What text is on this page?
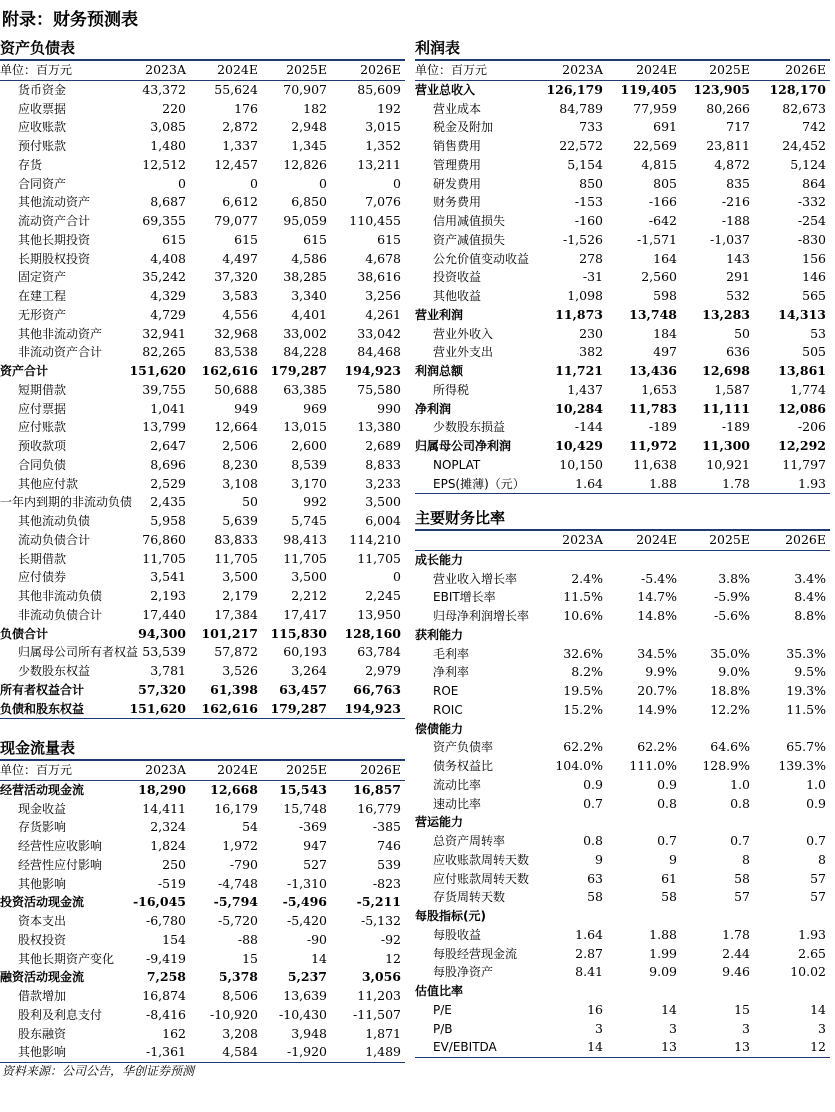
附录：财务预测表
资产负债表
单位：百万元	2023A	2024E	2025E	2026E
货币资金	43,372	55,624	70,907	85,609
应收票据	220	176	182	192
应收账款	3,085	2,872	2,948	3,015
预付账款	1,480	1,337	1,345	1,352
存货	12,512	12,457	12,826	13,211
合同资产	0	0	0	0
其他流动资产	8,687	6,612	6,850	7,076
流动资产合计	69,355	79,077	95,059	110,455
其他长期投资	615	615	615	615
长期股权投资	4,408	4,497	4,586	4,678
固定资产	35,242	37,320	38,285	38,616
在建工程	4,329	3,583	3,340	3,256
无形资产	4,729	4,556	4,401	4,261
其他非流动资产	32,941	32,968	33,002	33,042
非流动资产合计	82,265	83,538	84,228	84,468
资产合计	151,620	162,616	179,287	194,923
短期借款	39,755	50,688	63,385	75,580
应付票据	1,041	949	969	990
应付账款	13,799	12,664	13,015	13,380
预收款项	2,647	2,506	2,600	2,689
合同负债	8,696	8,230	8,539	8,833
其他应付款	2,529	3,108	3,170	3,233
一年内到期的非流动负债	2,435	50	992	3,500
其他流动负债	5,958	5,639	5,745	6,004
流动负债合计	76,860	83,833	98,413	114,210
长期借款	11,705	11,705	11,705	11,705
应付债券	3,541	3,500	3,500	0
其他非流动负债	2,193	2,179	2,212	2,245
非流动负债合计	17,440	17,384	17,417	13,950
负债合计	94,300	101,217	115,830	128,160
归属母公司所有者权益	53,539	57,872	60,193	63,784
少数股东权益	3,781	3,526	3,264	2,979
所有者权益合计	57,320	61,398	63,457	66,763
负债和股东权益	151,620	162,616	179,287	194,923
现金流量表
单位：百万元	2023A	2024E	2025E	2026E
经营活动现金流	18,290	12,668	15,543	16,857
现金收益	14,411	16,179	15,748	16,779
存货影响	2,324	54	-369	-385
经营性应收影响	1,824	1,972	947	746
经营性应付影响	250	-790	527	539
其他影响	-519	-4,748	-1,310	-823
投资活动现金流	-16,045	-5,794	-5,496	-5,211
资本支出	-6,780	-5,720	-5,420	-5,132
股权投资	154	-88	-90	-92
其他长期资产变化	-9,419	15	14	12
融资活动现金流	7,258	5,378	5,237	3,056
借款增加	16,874	8,506	13,639	11,203
股利及利息支付	-8,416	-10,920	-10,430	-11,507
股东融资	162	3,208	3,948	1,871
其他影响	-1,361	4,584	-1,920	1,489
利润表
单位：百万元	2023A	2024E	2025E	2026E
营业总收入	126,179	119,405	123,905	128,170
营业成本	84,789	77,959	80,266	82,673
税金及附加	733	691	717	742
销售费用	22,572	22,569	23,811	24,452
管理费用	5,154	4,815	4,872	5,124
研发费用	850	805	835	864
财务费用	-153	-166	-216	-332
信用减值损失	-160	-642	-188	-254
资产减值损失	-1,526	-1,571	-1,037	-830
公允价值变动收益	278	164	143	156
投资收益	-31	2,560	291	146
其他收益	1,098	598	532	565
营业利润	11,873	13,748	13,283	14,313
营业外收入	230	184	50	53
营业外支出	382	497	636	505
利润总额	11,721	13,436	12,698	13,861
所得税	1,437	1,653	1,587	1,774
净利润	10,284	11,783	11,111	12,086
少数股东损益	-144	-189	-189	-206
归属母公司净利润	10,429	11,972	11,300	12,292
NOPLAT	10,150	11,638	10,921	11,797
EPS(摊薄)（元）	1.64	1.88	1.78	1.93
主要财务比率
	2023A	2024E	2025E	2026E
成长能力				
营业收入增长率	2.4%	-5.4%	3.8%	3.4%
EBIT增长率	11.5%	14.7%	-5.9%	8.4%
归母净利润增长率	10.6%	14.8%	-5.6%	8.8%
获利能力				
毛利率	32.6%	34.5%	35.0%	35.3%
净利率	8.2%	9.9%	9.0%	9.5%
ROE	19.5%	20.7%	18.8%	19.3%
ROIC	15.2%	14.9%	12.2%	11.5%
偿债能力				
资产负债率	62.2%	62.2%	64.6%	65.7%
债务权益比	104.0%	111.0%	128.9%	139.3%
流动比率	0.9	0.9	1.0	1.0
速动比率	0.7	0.8	0.8	0.9
营运能力				
总资产周转率	0.8	0.7	0.7	0.7
应收账款周转天数	9	9	8	8
应付账款周转天数	63	61	58	57
存货周转天数	58	58	57	57
每股指标(元)				
每股收益	1.64	1.88	1.78	1.93
每股经营现金流	2.87	1.99	2.44	2.65
每股净资产	8.41	9.09	9.46	10.02
估值比率				
P/E	16	14	15	14
P/B	3	3	3	3
EV/EBITDA	14	13	13	12
资料来源：公司公告，华创证券预测
